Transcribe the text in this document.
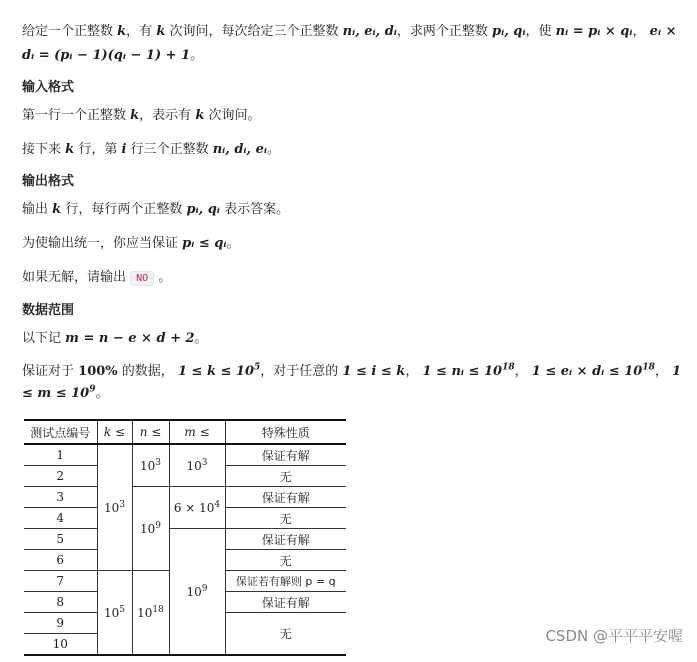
给定一个正整数 k，有 k 次询问，每次给定三个正整数 nᵢ, eᵢ, dᵢ，求两个正整数 pᵢ, qᵢ，使 nᵢ = pᵢ × qᵢ， eᵢ × dᵢ = (pᵢ − 1)(qᵢ − 1) + 1。

输入格式

第一行一个正整数 k，表示有 k 次询问。

接下来 k 行，第 i 行三个正整数 nᵢ, dᵢ, eᵢ。

输出格式

输出 k 行，每行两个正整数 pᵢ, qᵢ 表示答案。

为使输出统一，你应当保证 pᵢ ≤ qᵢ。

如果无解，请输出 NO 。

数据范围

以下记 m = n − e × d + 2。

保证对于 100% 的数据， $1 \le k \le 10^5$，对于任意的 1 ≤ i ≤ k， 1 ≤ nᵢ ≤ $10^{18}$， 1 ≤ eᵢ × dᵢ ≤ $10^{18}$， $1 \le m \le 10^9$。

测试点编号	k ≤	n ≤	m ≤	特殊性质
1	$10^3$	$10^3$	$10^3$	保证有解
2				无
3		$10^9$	$6 \times 10^4$	保证有解
4				无
5			$10^9$	保证有解
6				无
7	$10^5$	$10^{18}$		保证若有解则 p = q
8				保证有解
9				无
10					CSDN @平平平安喔
